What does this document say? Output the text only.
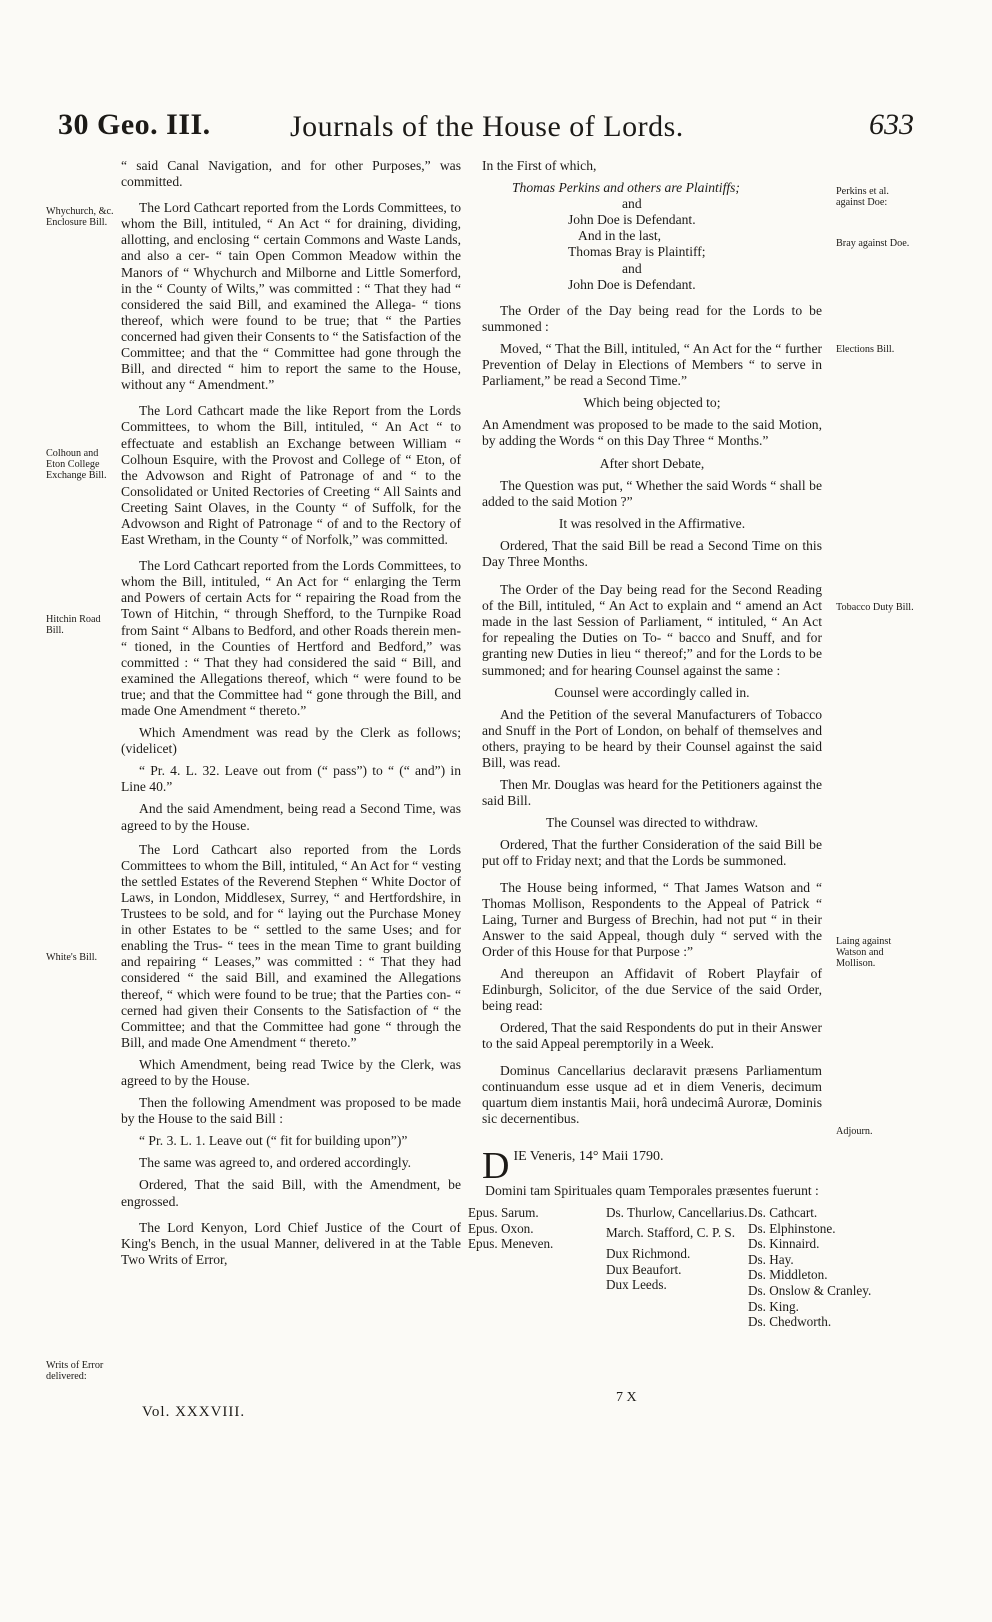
30 Geo. III.	Journals of the House of Lords.	633
Whychurch, &c. Enclosure Bill.
Colhoun and Eton College Exchange Bill.
Hitchin Road Bill.
White's Bill.
Writs of Error delivered:

“ said Canal Navigation, and for other Purposes,” was committed.

The Lord Cathcart reported from the Lords Committees, to whom the Bill, intituled, “ An Act “ for draining, dividing, allotting, and enclosing “ certain Commons and Waste Lands, and also a cer- “ tain Open Common Meadow within the Manors of “ Whychurch and Milborne and Little Somerford, in the “ County of Wilts,” was committed : “ That they had “ considered the said Bill, and examined the Allega- “ tions thereof, which were found to be true; that “ the Parties concerned had given their Consents to “ the Satisfaction of the Committee; and that the “ Committee had gone through the Bill, and directed “ him to report the same to the House, without any “ Amendment.”

The Lord Cathcart made the like Report from the Lords Committees, to whom the Bill, intituled, “ An Act “ to effectuate and establish an Exchange between William “ Colhoun Esquire, with the Provost and College of “ Eton, of the Advowson and Right of Patronage of and “ to the Consolidated or United Rectories of Creeting “ All Saints and Creeting Saint Olaves, in the County “ of Suffolk, for the Advowson and Right of Patronage “ of and to the Rectory of East Wretham, in the County “ of Norfolk,” was committed.

The Lord Cathcart reported from the Lords Committees, to whom the Bill, intituled, “ An Act for “ enlarging the Term and Powers of certain Acts for “ repairing the Road from the Town of Hitchin, “ through Shefford, to the Turnpike Road from Saint “ Albans to Bedford, and other Roads therein men- “ tioned, in the Counties of Hertford and Bedford,” was committed : “ That they had considered the said “ Bill, and examined the Allegations thereof, which “ were found to be true; and that the Committee had “ gone through the Bill, and made One Amendment “ thereto.”

Which Amendment was read by the Clerk as follows; (videlicet)

“ Pr. 4. L. 32. Leave out from (“ pass”) to “ (“ and”) in Line 40.”

And the said Amendment, being read a Second Time, was agreed to by the House.

The Lord Cathcart also reported from the Lords Committees to whom the Bill, intituled, “ An Act for “ vesting the settled Estates of the Reverend Stephen “ White Doctor of Laws, in London, Middlesex, Surrey, “ and Hertfordshire, in Trustees to be sold, and for “ laying out the Purchase Money in other Estates to be “ settled to the same Uses; and for enabling the Trus- “ tees in the mean Time to grant building and repairing “ Leases,” was committed : “ That they had considered “ the said Bill, and examined the Allegations thereof, “ which were found to be true; that the Parties con- “ cerned had given their Consents to the Satisfaction of “ the Committee; and that the Committee had gone “ through the Bill, and made One Amendment “ thereto.”

Which Amendment, being read Twice by the Clerk, was agreed to by the House.

Then the following Amendment was proposed to be made by the House to the said Bill :

“ Pr. 3. L. 1. Leave out (“ fit for building upon”)”

The same was agreed to, and ordered accordingly.

Ordered, That the said Bill, with the Amendment, be engrossed.

The Lord Kenyon, Lord Chief Justice of the Court of King's Bench, in the usual Manner, delivered in at the Table Two Writs of Error,

Perkins et al. against Doe:
Bray against Doe.
Elections Bill.
Tobacco Duty Bill.
Laing against Watson and Mollison.
Adjourn.

In the First of which,

Thomas Perkins and others are Plaintiffs;
and
John Doe is Defendant.
And in the last,
Thomas Bray is Plaintiff;
and
John Doe is Defendant.

The Order of the Day being read for the Lords to be summoned :

Moved, “ That the Bill, intituled, “ An Act for the “ further Prevention of Delay in Elections of Members “ to serve in Parliament,” be read a Second Time.”

Which being objected to;

An Amendment was proposed to be made to the said Motion, by adding the Words “ on this Day Three “ Months.”

After short Debate,

The Question was put, “ Whether the said Words “ shall be added to the said Motion ?”

It was resolved in the Affirmative.

Ordered, That the said Bill be read a Second Time on this Day Three Months.

The Order of the Day being read for the Second Reading of the Bill, intituled, “ An Act to explain and “ amend an Act made in the last Session of Parliament, “ intituled, “ An Act for repealing the Duties on To- “ bacco and Snuff, and for granting new Duties in lieu “ thereof;” and for the Lords to be summoned; and for hearing Counsel against the same :

Counsel were accordingly called in.

And the Petition of the several Manufacturers of Tobacco and Snuff in the Port of London, on behalf of themselves and others, praying to be heard by their Counsel against the said Bill, was read.

Then Mr. Douglas was heard for the Petitioners against the said Bill.

The Counsel was directed to withdraw.

Ordered, That the further Consideration of the said Bill be put off to Friday next; and that the Lords be summoned.

The House being informed, “ That James Watson and “ Thomas Mollison, Respondents to the Appeal of Patrick “ Laing, Turner and Burgess of Brechin, had not put “ in their Answer to the said Appeal, though duly “ served with the Order of this House for that Purpose :”

And thereupon an Affidavit of Robert Playfair of Edinburgh, Solicitor, of the due Service of the said Order, being read:

Ordered, That the said Respondents do put in their Answer to the said Appeal peremptorily in a Week.

Dominus Cancellarius declaravit præsens Parliamentum continuandum esse usque ad et in diem Veneris, decimum quartum diem instantis Maii, horâ undecimâ Auroræ, Dominis sic decernentibus.

D IE Veneris, 14° Maii 1790.

Domini tam Spirituales quam Temporales præsentes fuerunt :

Epus. Sarum.
Epus. Oxon.
Epus. Meneven.
Ds. Thurlow, Cancellarius.
March. Stafford, C. P. S.
Dux Richmond.
Dux Beaufort.
Dux Leeds.
Ds. Cathcart.
Ds. Elphinstone.
Ds. Kinnaird.
Ds. Hay.
Ds. Middleton.
Ds. Onslow & Cranley.
Ds. King.
Ds. Chedworth.
Vol. XXXVIII.
7 X
